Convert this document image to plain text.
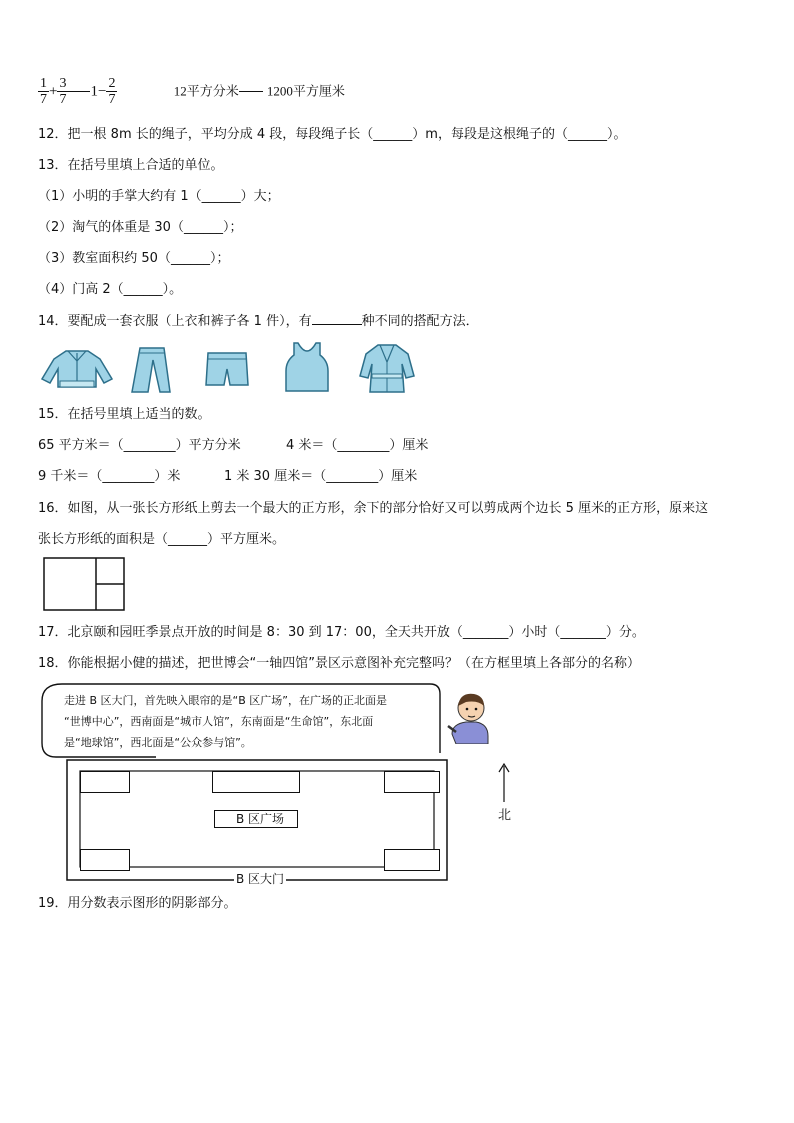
$\frac{1}{7} + \frac{3}{7} 1- \frac{2}{7}$	12平方分米 1200平方厘米
12．把一根 8m 长的绳子，平均分成 4 段，每段绳子长（______）m，每段是这根绳子的（______）。
13．在括号里填上合适的单位。
（1）小明的手掌大约有 1（______）大；
（2）淘气的体重是 30（______）；
（3）教室面积约 50（______）；
（4）门高 2（______）。
14．要配成一套衣服（上衣和裤子各 1 件），有	种不同的搭配方法．
15．在括号里填上适当的数。
65 平方米＝（________）平方分米	4 米＝（________）厘米
9 千米＝（________）米	1 米 30 厘米＝（________）厘米
16．如图，从一张长方形纸上剪去一个最大的正方形，余下的部分恰好又可以剪成两个边长 5 厘米的正方形，原来这
张长方形纸的面积是（______）平方厘米。
17．北京颐和园旺季景点开放的时间是 8：30 到 17：00，全天共开放（_______）小时（_______）分。
18．你能根据小健的描述，把世博会“一轴四馆”景区示意图补充完整吗？（在方框里填上各部分的名称）
走进 B 区大门，首先映入眼帘的是“B 区广场”，在广场的正北面是
“世博中心”，西南面是“城市人馆”，东南面是“生命馆”，东北面
是“地球馆”，西北面是“公众参与馆”。
B 区广场
B 区大门
北
19．用分数表示图形的阴影部分。
